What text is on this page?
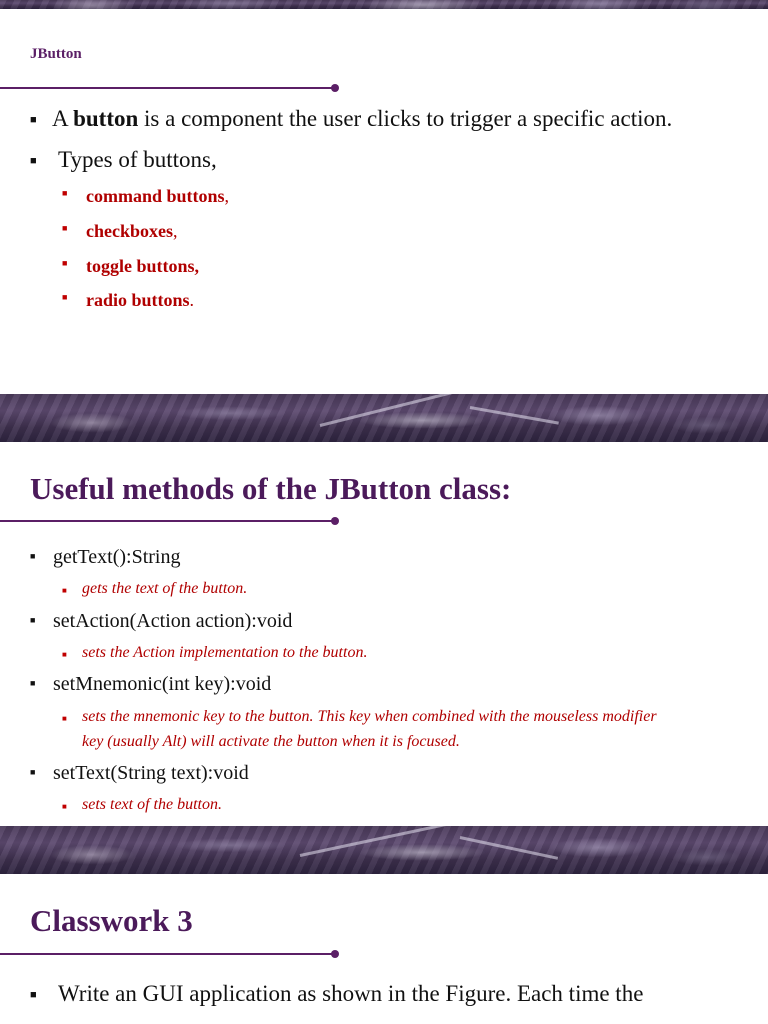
JButton

■ A button is a component the user clicks to trigger a specific action.

■ Types of buttons,

■ command buttons,

■ checkboxes,

■ toggle buttons,

■ radio buttons.

Useful methods of the JButton class:

■ getText():String

■ gets the text of the button.

■ setAction(Action action):void

■ sets the Action implementation to the button.

■ setMnemonic(int key):void

■ sets the mnemonic key to the button. This key when combined with the mouseless modifier
key (usually Alt) will activate the button when it is focused.

■ setText(String text):void

■ sets text of the button.

Classwork 3

■ Write an GUI application as shown in the Figure. Each time the
